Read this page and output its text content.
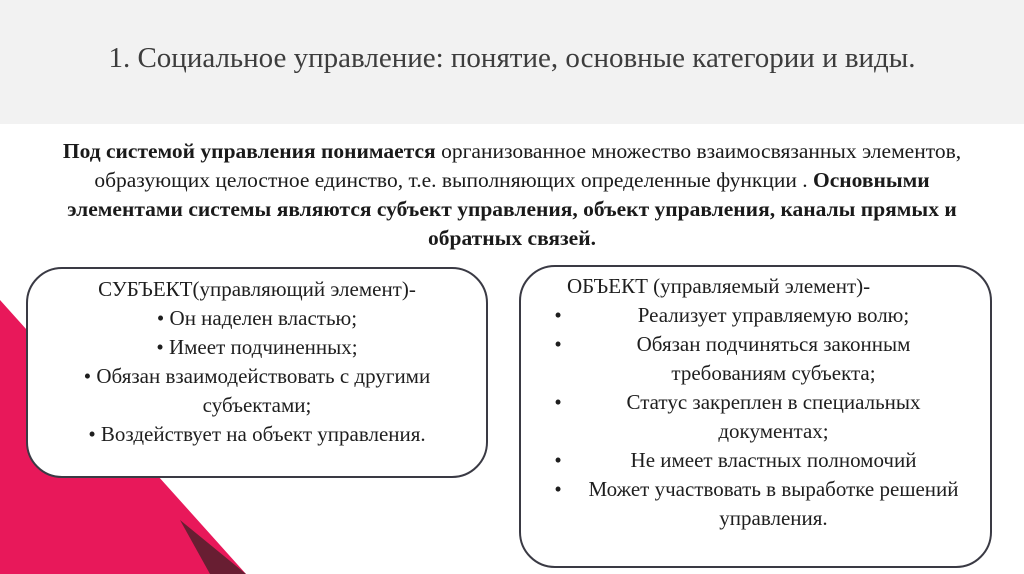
1. Социальное управление: понятие, основные категории и виды.

Под системой управления понимается организованное множество взаимосвязанных элементов, образующих целостное единство, т.е. выполняющих определенные функции . Основными элементами системы являются субъект управления, объект управления, каналы прямых и обратных связей.

СУБЪЕКТ(управляющий элемент)-
• Он наделен властью;
• Имеет подчиненных;
• Обязан взаимодействовать с другими субъектами;
• Воздействует на объект управления.
ОБЪЕКТ (управляемый элемент)-
•	Реализует управляемую волю;
•	Обязан подчиняться законным требованиям субъекта;
•	Статус закреплен в специальных документах;
•	Не имеет властных полномочий
•	Может участвовать в выработке решений управления.
